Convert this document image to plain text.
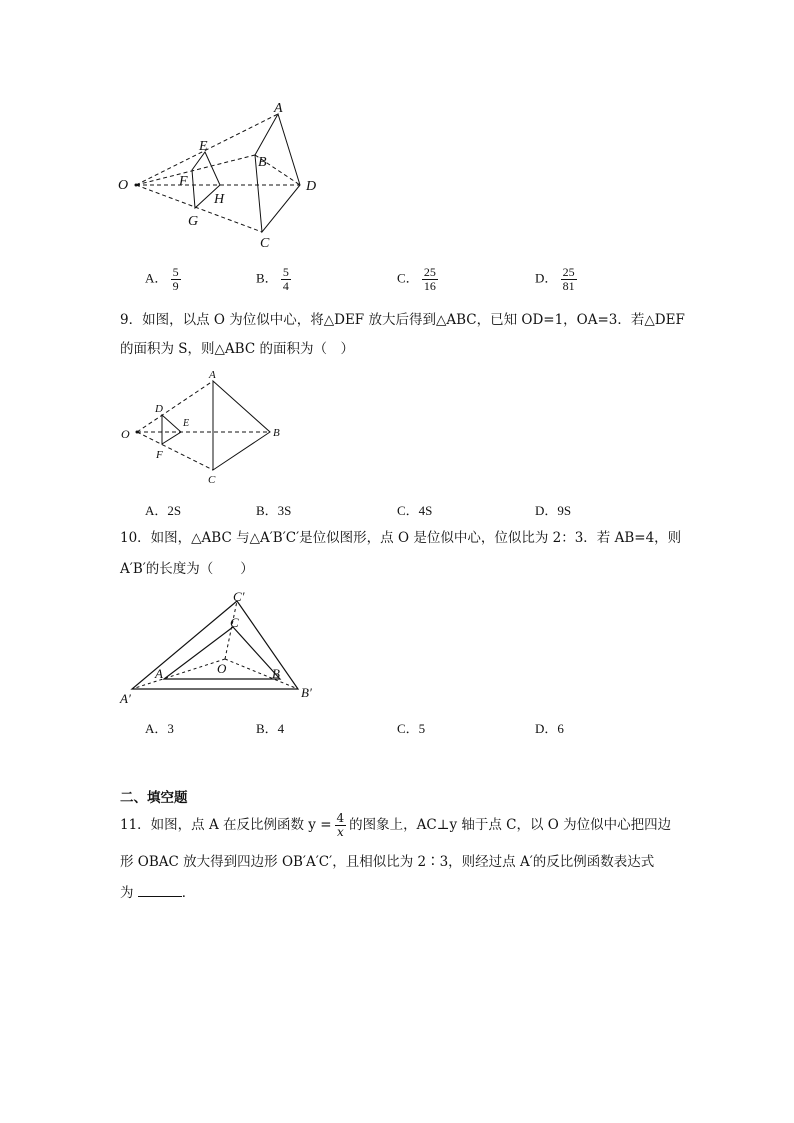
O
E
F
G
H
A
B
D
C
A． $\frac{5}{9}$	B． $\frac{5}{4}$	C． $\frac{25}{16}$	D． $\frac{25}{81}$
9．如图，以点 O 为位似中心，将△DEF 放大后得到△ABC，已知 OD=1，OA=3．若△DEF
的面积为 S，则△ABC 的面积为（　）
O
D
E
F
A
B
C
A．2S	B．3S	C．4S	D．9S
10．如图，△ABC 与△A′B′C′是位似图形，点 O 是位似中心，位似比为 2：3．若 AB=4，则
A′B′的长度为（　　）
C′
C
O
A	B
A′	B′
A．3	B．4	C．5	D．6
二、填空题
11．如图，点 A 在反比例函数 $y = \frac{4}{x}$ 的图象上，AC⊥y 轴于点 C，以 O 为位似中心把四边
形 OBAC 放大得到四边形 OB′A′C′，且相似比为 2∶3，则经过点 A′的反比例函数表达式
为	．
